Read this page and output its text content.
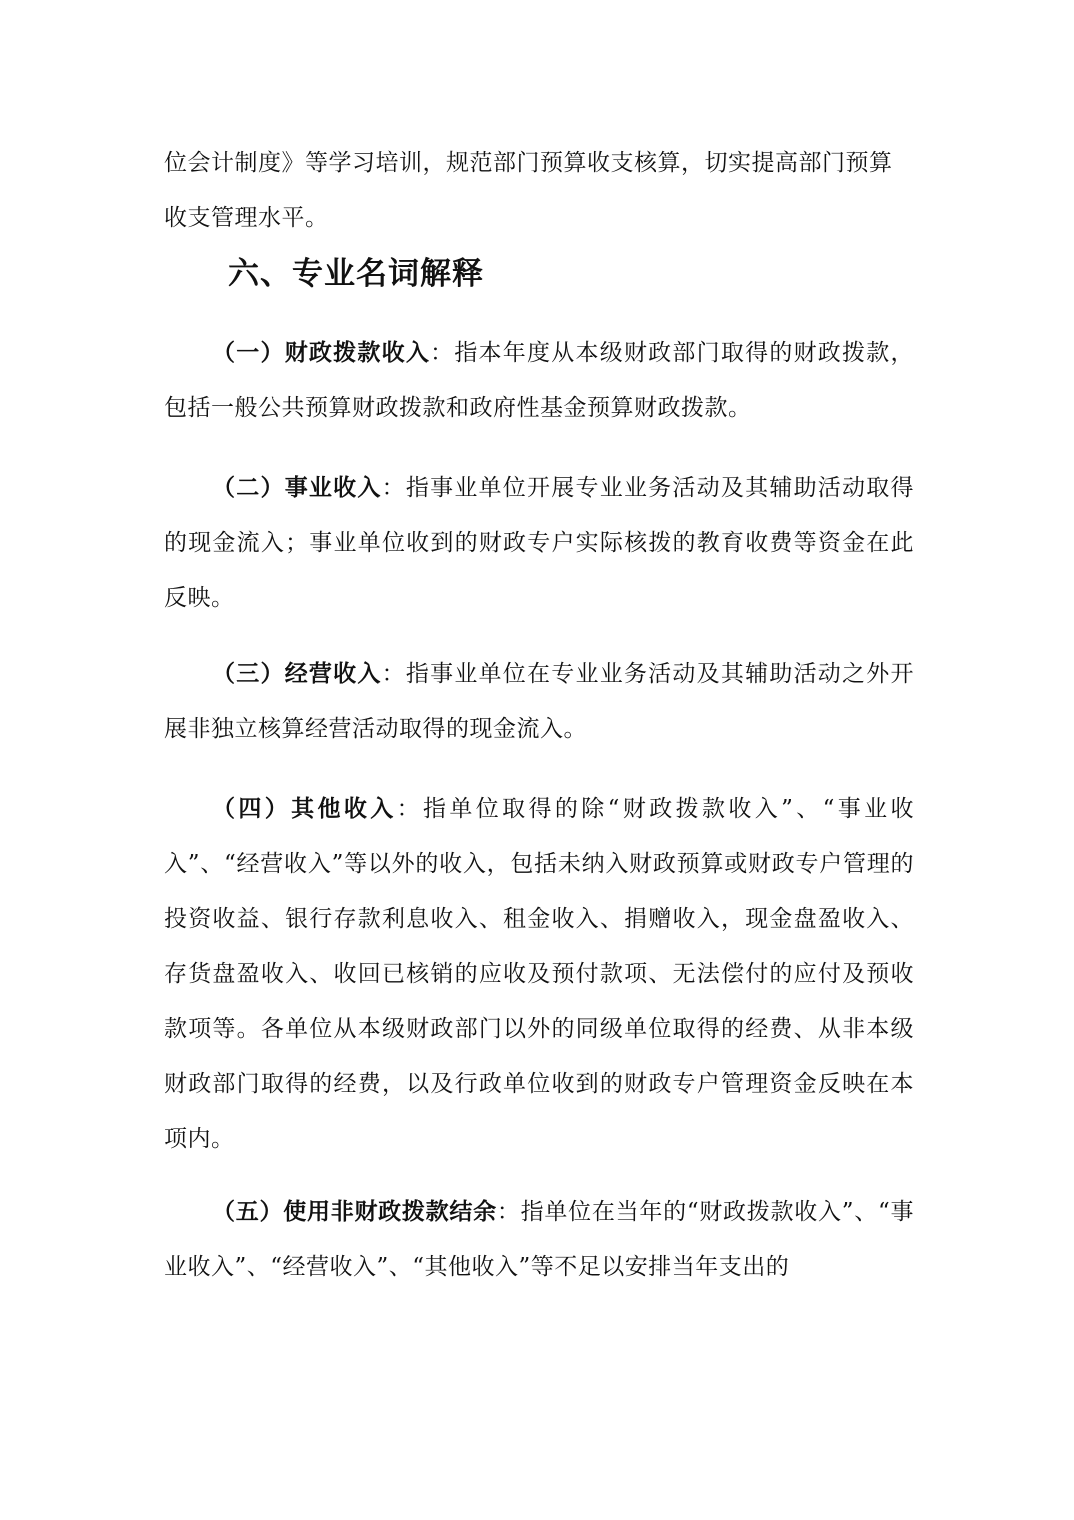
位会计制度》等学习培训，规范部门预算收支核算，切实提高部门预算
收支管理水平。
六、专业名词解释
（一）财政拨款收入：指本年度从本级财政部门取得的财政拨款，包括一般公共预算财政拨款和政府性基金预算财政拨款。
（二）事业收入：指事业单位开展专业业务活动及其辅助活动取得的现金流入；事业单位收到的财政专户实际核拨的教育收费等资金在此反映。
（三）经营收入：指事业单位在专业业务活动及其辅助活动之外开展非独立核算经营活动取得的现金流入。
（四）其他收入：指单位取得的除“财政拨款收入”、“事业收入”、“经营收入”等以外的收入，包括未纳入财政预算或财政专户管理的投资收益、银行存款利息收入、租金收入、捐赠收入，现金盘盈收入、存货盘盈收入、收回已核销的应收及预付款项、无法偿付的应付及预收款项等。各单位从本级财政部门以外的同级单位取得的经费、从非本级财政部门取得的经费，以及行政单位收到的财政专户管理资金反映在本项内。
（五）使用非财政拨款结余：指单位在当年的“财政拨款收入”、“事业收入”、“经营收入”、“其他收入”等不足以安排当年支出的
